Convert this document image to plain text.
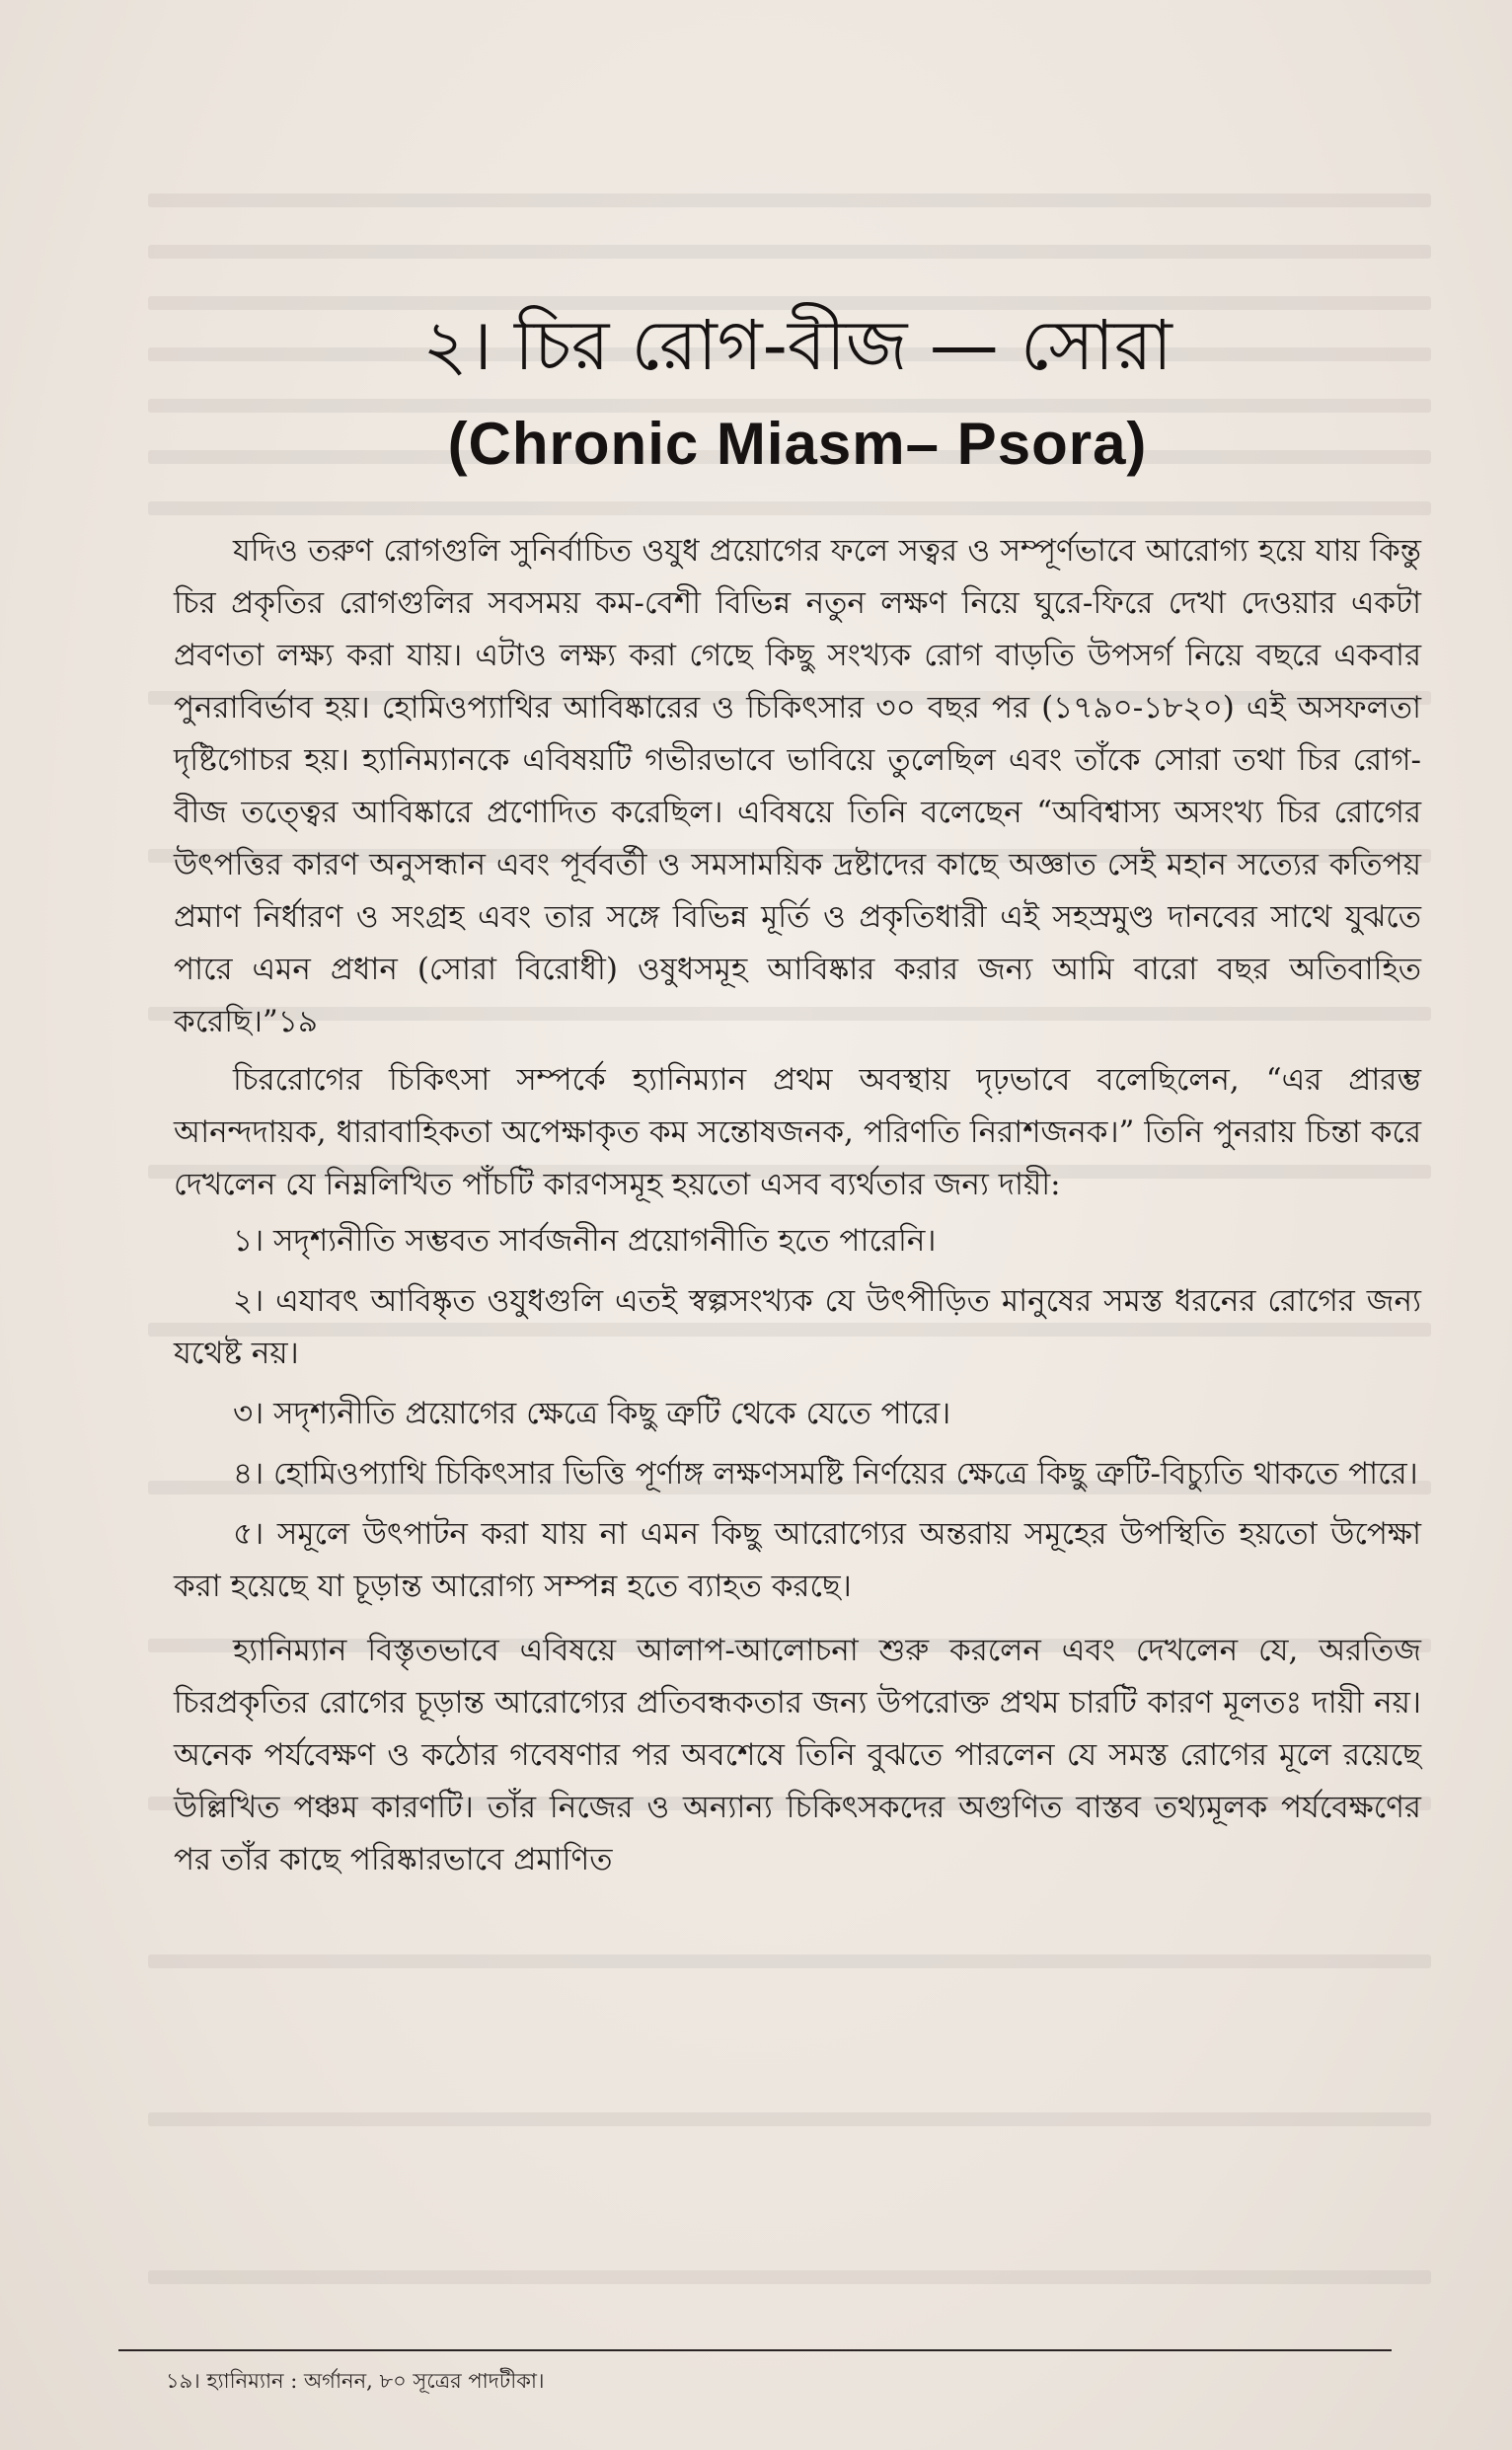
২। চির রোগ-বীজ — সোরা
(Chronic Miasm– Psora)

যদিও তরুণ রোগগুলি সুনির্বাচিত ওযুধ প্রয়োগের ফলে সত্বর ও সম্পূর্ণভাবে আরোগ্য হয়ে যায় কিন্তু চির প্রকৃতির রোগগুলির সবসময় কম-বেশী বিভিন্ন নতুন লক্ষণ নিয়ে ঘুরে-ফিরে দেখা দেওয়ার একটা প্রবণতা লক্ষ্য করা যায়। এটাও লক্ষ্য করা গেছে কিছু সংখ্যক রোগ বাড়তি উপসর্গ নিয়ে বছরে একবার পুনরাবির্ভাব হয়। হোমিওপ্যাথির আবিষ্কারের ও চিকিৎসার ৩০ বছর পর (১৭৯০-১৮২০) এই অসফলতা দৃষ্টিগোচর হয়। হ্যানিম্যানকে এবিষয়টি গভীরভাবে ভাবিয়ে তুলেছিল এবং তাঁকে সোরা তথা চির রোগ-বীজ তত্ত্বের আবিষ্কারে প্রণোদিত করেছিল। এবিষয়ে তিনি বলেছেন “অবিশ্বাস্য অসংখ্য চির রোগের উৎপত্তির কারণ অনুসন্ধান এবং পূর্ববর্তী ও সমসাময়িক দ্রষ্টাদের কাছে অজ্ঞাত সেই মহান সত্যের কতিপয় প্রমাণ নির্ধারণ ও সংগ্রহ এবং তার সঙ্গে বিভিন্ন মূর্তি ও প্রকৃতিধারী এই সহস্রমুণ্ড দানবের সাথে যুঝতে পারে এমন প্রধান (সোরা বিরোধী) ওষুধসমূহ আবিষ্কার করার জন্য আমি বারো বছর অতিবাহিত করেছি।”১৯

চিররোগের চিকিৎসা সম্পর্কে হ্যানিম্যান প্রথম অবস্থায় দৃঢ়ভাবে বলেছিলেন, “এর প্রারম্ভ আনন্দদায়ক, ধারাবাহিকতা অপেক্ষাকৃত কম সন্তোষজনক, পরিণতি নিরাশজনক।” তিনি পুনরায় চিন্তা করে দেখলেন যে নিম্নলিখিত পাঁচটি কারণসমূহ হয়তো এসব ব্যর্থতার জন্য দায়ী:

১। সদৃশ্যনীতি সম্ভবত সার্বজনীন প্রয়োগনীতি হতে পারেনি।
২। এযাবৎ আবিষ্কৃত ওযুধগুলি এতই স্বল্পসংখ্যক যে উৎপীড়িত মানুষের সমস্ত ধরনের রোগের জন্য যথেষ্ট নয়।
৩। সদৃশ্যনীতি প্রয়োগের ক্ষেত্রে কিছু ত্রুটি থেকে যেতে পারে।
৪। হোমিওপ্যাথি চিকিৎসার ভিত্তি পূর্ণাঙ্গ লক্ষণসমষ্টি নির্ণয়ের ক্ষেত্রে কিছু ত্রুটি-বিচ্যুতি থাকতে পারে।
৫। সমূলে উৎপাটন করা যায় না এমন কিছু আরোগ্যের অন্তরায় সমূহের উপস্থিতি হয়তো উপেক্ষা করা হয়েছে যা চূড়ান্ত আরোগ্য সম্পন্ন হতে ব্যাহত করছে।

হ্যানিম্যান বিস্তৃতভাবে এবিষয়ে আলাপ-আলোচনা শুরু করলেন এবং দেখলেন যে, অরতিজ চিরপ্রকৃতির রোগের চূড়ান্ত আরোগ্যের প্রতিবন্ধকতার জন্য উপরোক্ত প্রথম চারটি কারণ মূলতঃ দায়ী নয়। অনেক পর্যবেক্ষণ ও কঠোর গবেষণার পর অবশেষে তিনি বুঝতে পারলেন যে সমস্ত রোগের মূলে রয়েছে উল্লিখিত পঞ্চম কারণটি। তাঁর নিজের ও অন্যান্য চিকিৎসকদের অগুণিত বাস্তব তথ্যমূলক পর্যবেক্ষণের পর তাঁর কাছে পরিষ্কারভাবে প্রমাণিত

১৯। হ্যানিম্যান : অর্গানন, ৮০ সূত্রের পাদটীকা।
